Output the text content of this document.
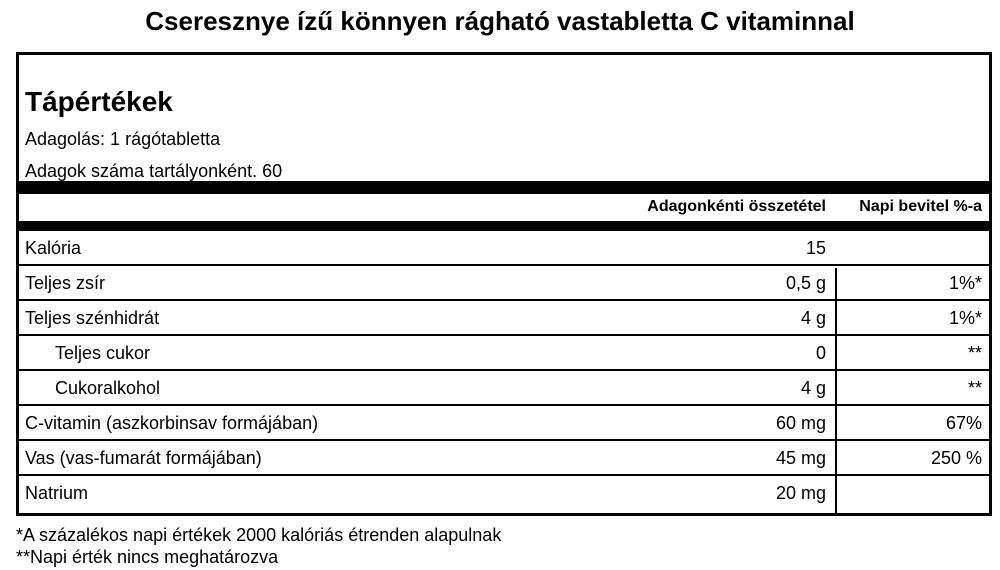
Cseresznye ízű könnyen rágható vastabletta C vitaminnal
Tápértékek
Adagolás: 1 rágótabletta
Adagok száma tartályonként. 60
Adagonkénti összetétel Napi bevitel %-a
Kalória	15
Teljes zsír	0,5 g	1%*
Teljes szénhidrát	4 g	1%*
Teljes cukor	0	**
Cukoralkohol	4 g	**
C-vitamin (aszkorbinsav formájában)	60 mg	67%
Vas (vas-fumarát formájában)	45 mg	250 %
Natrium	20 mg
*A százalékos napi értékek 2000 kalóriás étrenden alapulnak
**Napi érték nincs meghatározva
